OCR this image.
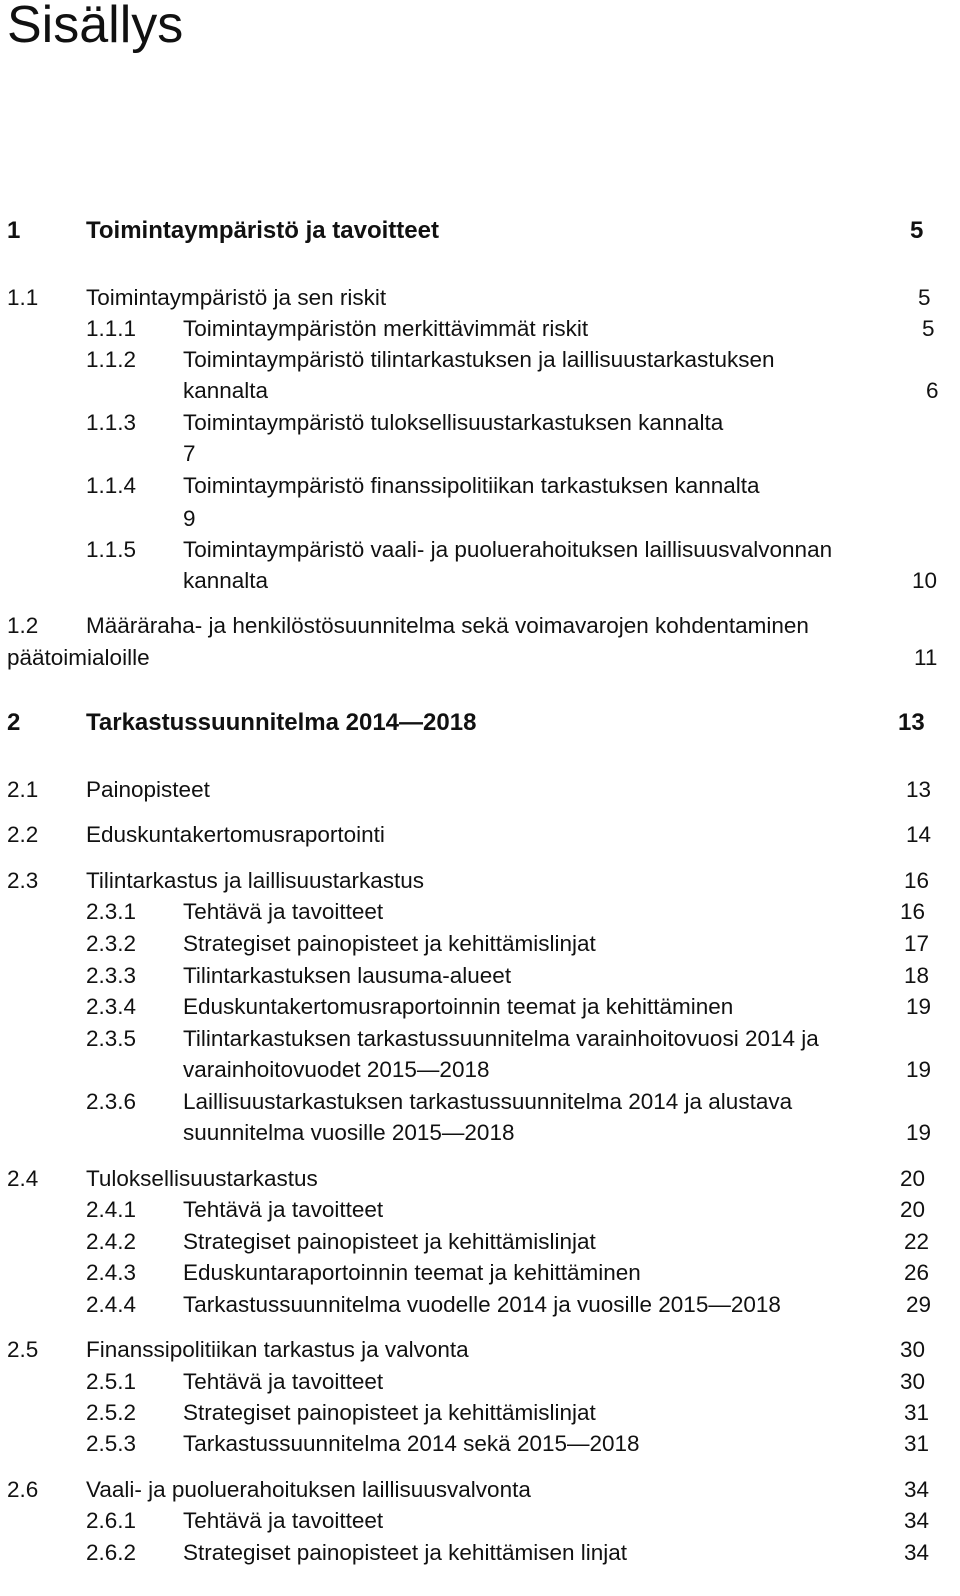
Sisällys
1	Toimintaympäristö ja tavoitteet	5
1.1 Toimintaympäristö ja sen riskit	5
1.1.1 Toimintaympäristön merkittävimmät riskit	5
1.1.2 Toimintaympäristö tilintarkastuksen ja laillisuustarkastuksen
kannalta	6
1.1.3 Toimintaympäristö tuloksellisuustarkastuksen kannalta
7
1.1.4 Toimintaympäristö finanssipolitiikan tarkastuksen kannalta
9
1.1.5 Toimintaympäristö vaali- ja puoluerahoituksen laillisuusvalvonnan
kannalta	10
1.2 Määräraha- ja henkilöstösuunnitelma sekä voimavarojen kohdentaminen
päätoimialoille	11
2	Tarkastussuunnitelma 2014—2018	13
2.1 Painopisteet	13
2.2 Eduskuntakertomusraportointi	14
2.3 Tilintarkastus ja laillisuustarkastus	16
2.3.1 Tehtävä ja tavoitteet	16
2.3.2 Strategiset painopisteet ja kehittämislinjat	17
2.3.3 Tilintarkastuksen lausuma-alueet	18
2.3.4 Eduskuntakertomusraportoinnin teemat ja kehittäminen	19
2.3.5 Tilintarkastuksen tarkastussuunnitelma varainhoitovuosi 2014 ja
varainhoitovuodet 2015—2018	19
2.3.6 Laillisuustarkastuksen tarkastussuunnitelma 2014 ja alustava
suunnitelma vuosille 2015—2018	19
2.4 Tuloksellisuustarkastus	20
2.4.1 Tehtävä ja tavoitteet	20
2.4.2 Strategiset painopisteet ja kehittämislinjat	22
2.4.3 Eduskuntaraportoinnin teemat ja kehittäminen	26
2.4.4 Tarkastussuunnitelma vuodelle 2014 ja vuosille 2015—2018	29
2.5 Finanssipolitiikan tarkastus ja valvonta	30
2.5.1 Tehtävä ja tavoitteet	30
2.5.2 Strategiset painopisteet ja kehittämislinjat	31
2.5.3 Tarkastussuunnitelma 2014 sekä 2015—2018	31
2.6 Vaali- ja puoluerahoituksen laillisuusvalvonta	34
2.6.1 Tehtävä ja tavoitteet	34
2.6.2 Strategiset painopisteet ja kehittämisen linjat	34
